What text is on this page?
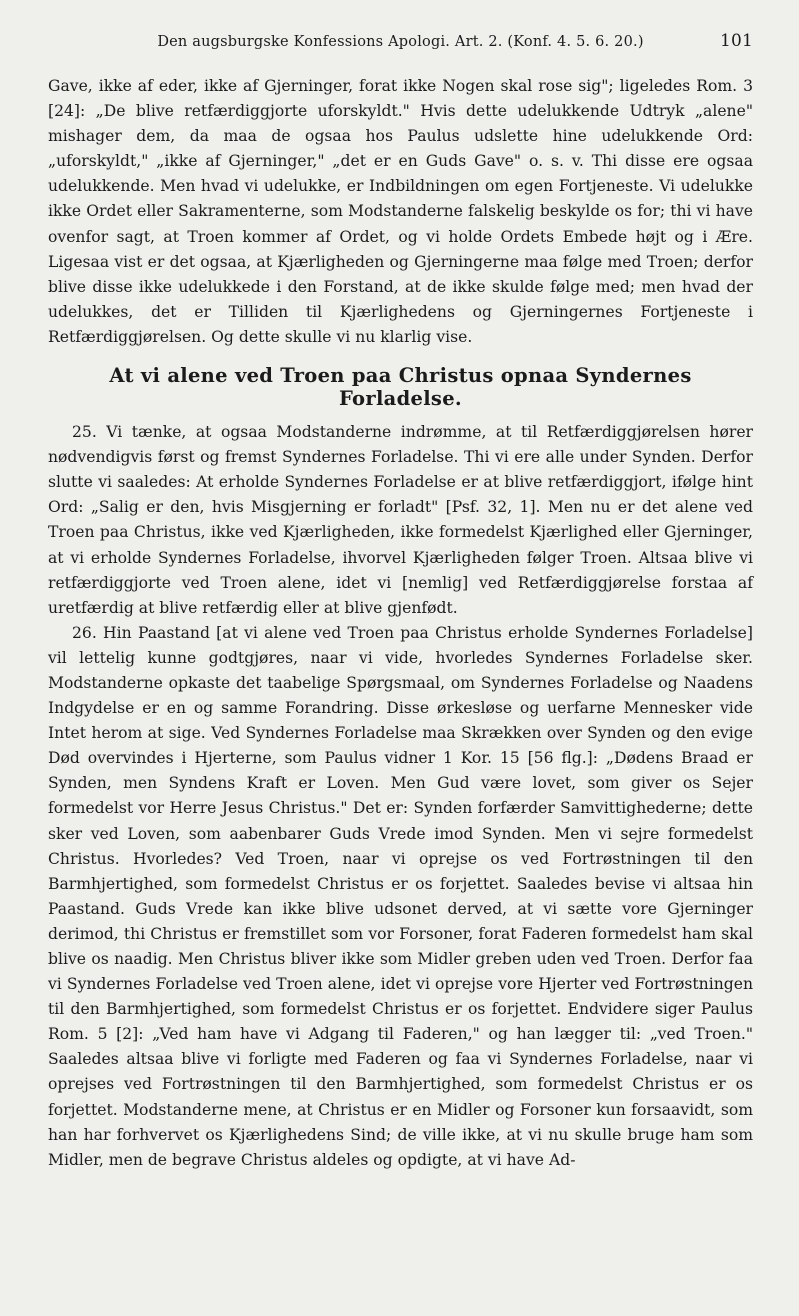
Den augsburgske Konfessions Apologi. Art. 2. (Konf. 4. 5. 6. 20.)	101

Gave, ikke af eder, ikke af Gjerninger, forat ikke Nogen skal rose sig"; ligeledes Rom. 3 [24]: „De blive retfærdiggjorte uforskyldt." Hvis dette udelukkende Udtryk „alene" mishager dem, da maa de ogsaa hos Paulus udslette hine udelukkende Ord: „uforskyldt," „ikke af Gjerninger," „det er en Guds Gave" o. s. v. Thi disse ere ogsaa udelukkende. Men hvad vi udelukke, er Indbildningen om egen Fortjeneste. Vi udelukke ikke Ordet eller Sakramenterne, som Modstanderne falskelig beskylde os for; thi vi have ovenfor sagt, at Troen kommer af Ordet, og vi holde Ordets Embede højt og i Ære. Ligesaa vist er det ogsaa, at Kjærligheden og Gjerningerne maa følge med Troen; derfor blive disse ikke udelukkede i den Forstand, at de ikke skulde følge med; men hvad der udelukkes, det er Tilliden til Kjærlighedens og Gjerningernes Fortjeneste i Retfærdiggjørelsen. Og dette skulle vi nu klarlig vise.

At vi alene ved Troen paa Christus opnaa Syndernes Forladelse.

25. Vi tænke, at ogsaa Modstanderne indrømme, at til Retfærdiggjørelsen hører nødvendigvis først og fremst Syndernes Forladelse. Thi vi ere alle under Synden. Derfor slutte vi saaledes: At erholde Syndernes Forladelse er at blive retfærdiggjort, ifølge hint Ord: „Salig er den, hvis Misgjerning er forladt" [Psf. 32, 1]. Men nu er det alene ved Troen paa Christus, ikke ved Kjærligheden, ikke formedelst Kjærlighed eller Gjerninger, at vi erholde Syndernes Forladelse, ihvorvel Kjærligheden følger Troen. Altsaa blive vi retfærdiggjorte ved Troen alene, idet vi [nemlig] ved Retfærdiggjørelse forstaa af uretfærdig at blive retfærdig eller at blive gjenfødt.

26. Hin Paastand [at vi alene ved Troen paa Christus erholde Syndernes Forladelse] vil lettelig kunne godtgjøres, naar vi vide, hvorledes Syndernes Forladelse sker. Modstanderne opkaste det taabelige Spørgsmaal, om Syndernes Forladelse og Naadens Indgydelse er en og samme Forandring. Disse ørkesløse og uerfarne Mennesker vide Intet herom at sige. Ved Syndernes Forladelse maa Skrækken over Synden og den evige Død overvindes i Hjerterne, som Paulus vidner 1 Kor. 15 [56 flg.]: „Dødens Braad er Synden, men Syndens Kraft er Loven. Men Gud være lovet, som giver os Sejer formedelst vor Herre Jesus Christus." Det er: Synden forfærder Samvittighederne; dette sker ved Loven, som aabenbarer Guds Vrede imod Synden. Men vi sejre formedelst Christus. Hvorledes? Ved Troen, naar vi oprejse os ved Fortrøstningen til den Barmhjertighed, som formedelst Christus er os forjettet. Saaledes bevise vi altsaa hin Paastand. Guds Vrede kan ikke blive udsonet derved, at vi sætte vore Gjerninger derimod, thi Christus er fremstillet som vor Forsoner, forat Faderen formedelst ham skal blive os naadig. Men Christus bliver ikke som Midler greben uden ved Troen. Derfor faa vi Syndernes Forladelse ved Troen alene, idet vi oprejse vore Hjerter ved Fortrøstningen til den Barmhjertighed, som formedelst Christus er os forjettet. Endvidere siger Paulus Rom. 5 [2]: „Ved ham have vi Adgang til Faderen," og han lægger til: „ved Troen." Saaledes altsaa blive vi forligte med Faderen og faa vi Syndernes Forladelse, naar vi oprejses ved Fortrøstningen til den Barmhjertighed, som formedelst Christus er os forjettet. Modstanderne mene, at Christus er en Midler og Forsoner kun forsaavidt, som han har forhvervet os Kjærlighedens Sind; de ville ikke, at vi nu skulle bruge ham som Midler, men de begrave Christus aldeles og opdigte, at vi have Ad-
